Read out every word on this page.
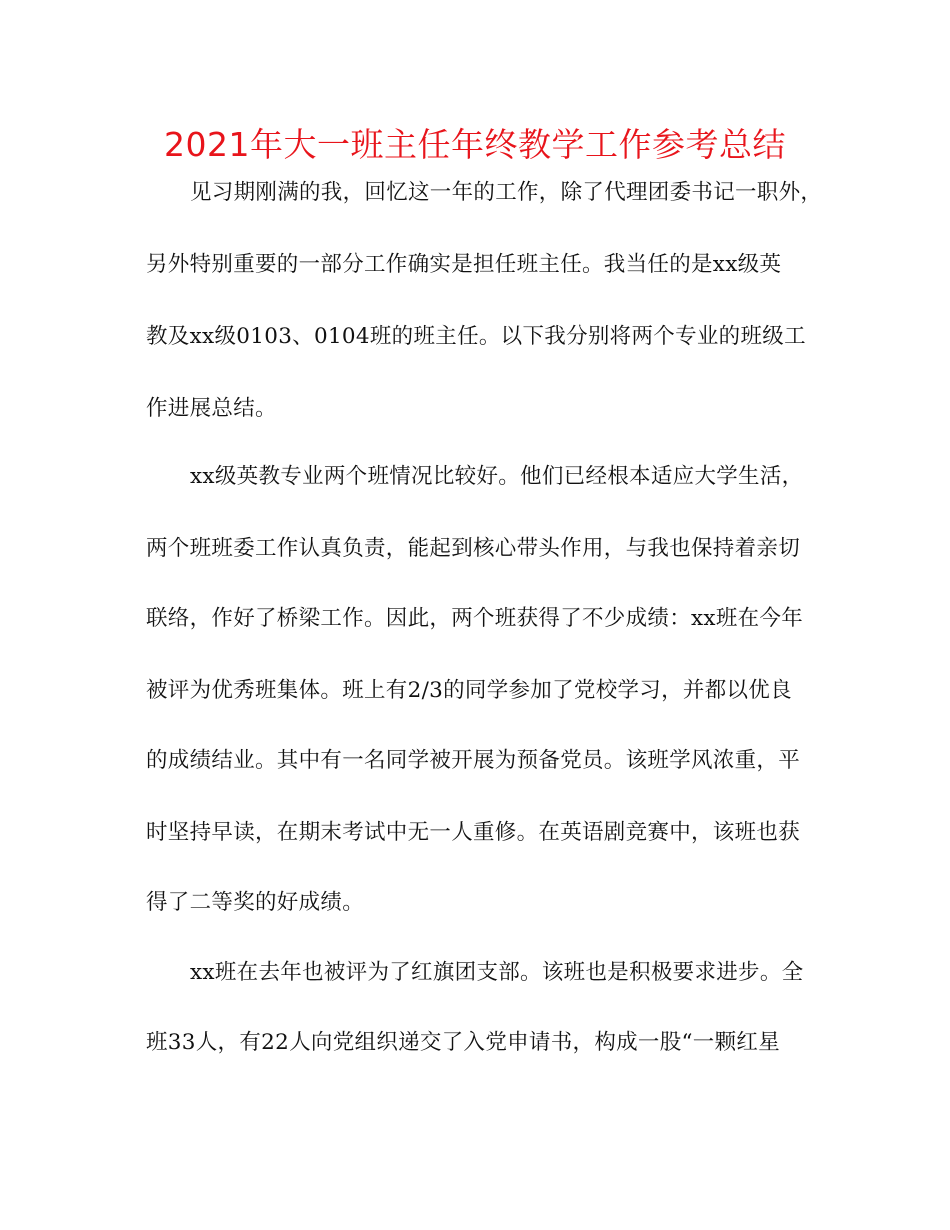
2021年大一班主任年终教学工作参考总结
见习期刚满的我，回忆这一年的工作，除了代理团委书记一职外，
另外特别重要的一部分工作确实是担任班主任。我当任的是xx级英
教及xx级0103、0104班的班主任。以下我分别将两个专业的班级工
作进展总结。
xx级英教专业两个班情况比较好。他们已经根本适应大学生活，
两个班班委工作认真负责，能起到核心带头作用，与我也保持着亲切
联络，作好了桥梁工作。因此，两个班获得了不少成绩：xx班在今年
被评为优秀班集体。班上有2/3的同学参加了党校学习，并都以优良
的成绩结业。其中有一名同学被开展为预备党员。该班学风浓重，平
时坚持早读，在期末考试中无一人重修。在英语剧竞赛中，该班也获
得了二等奖的好成绩。
xx班在去年也被评为了红旗团支部。该班也是积极要求进步。全
班33人，有22人向党组织递交了入党申请书，构成一股“一颗红星
